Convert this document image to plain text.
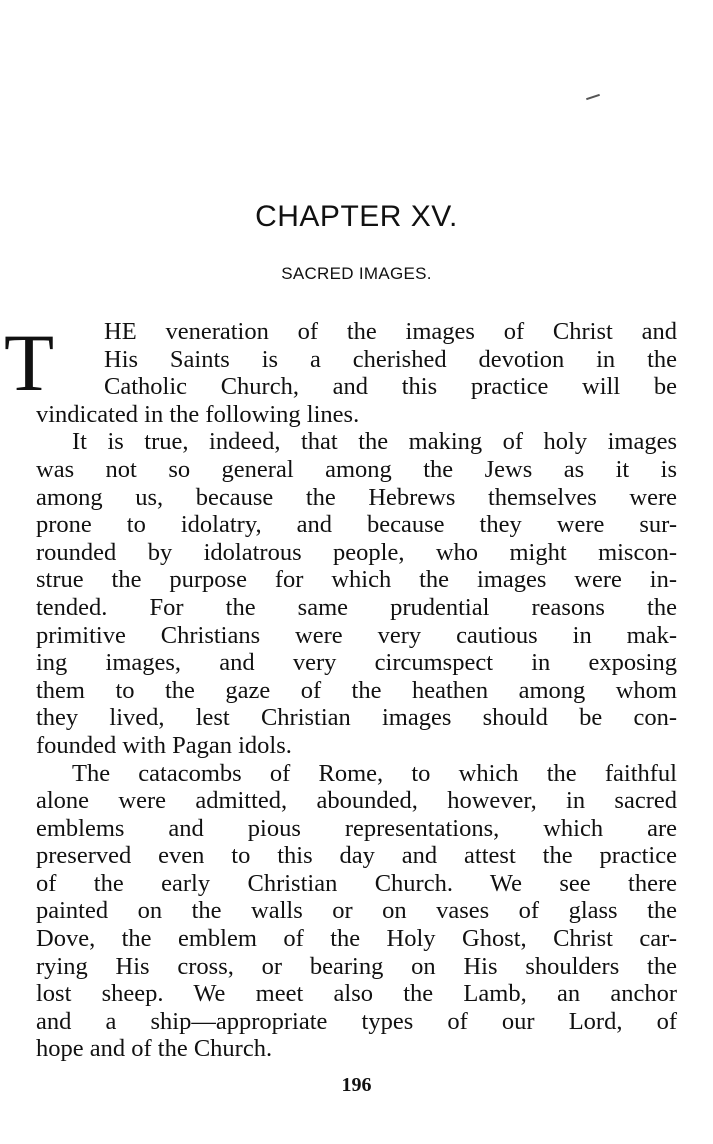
CHAPTER XV.
SACRED IMAGES.
T	HE veneration of the images of Christ and
His Saints is a cherished devotion in the
Catholic Church, and this practice will be
vindicated in the following lines.
It is true, indeed, that the making of holy images
was not so general among the Jews as it is
among us, because the Hebrews themselves were
prone to idolatry, and because they were sur-
rounded by idolatrous people, who might miscon-
strue the purpose for which the images were in-
tended. For the same prudential reasons the
primitive Christians were very cautious in mak-
ing images, and very circumspect in exposing
them to the gaze of the heathen among whom
they lived, lest Christian images should be con-
founded with Pagan idols.
The catacombs of Rome, to which the faithful
alone were admitted, abounded, however, in sacred
emblems and pious representations, which are
preserved even to this day and attest the practice
of the early Christian Church. We see there
painted on the walls or on vases of glass the
Dove, the emblem of the Holy Ghost, Christ car-
rying His cross, or bearing on His shoulders the
lost sheep. We meet also the Lamb, an anchor
and a ship—appropriate types of our Lord, of
hope and of the Church.
196
